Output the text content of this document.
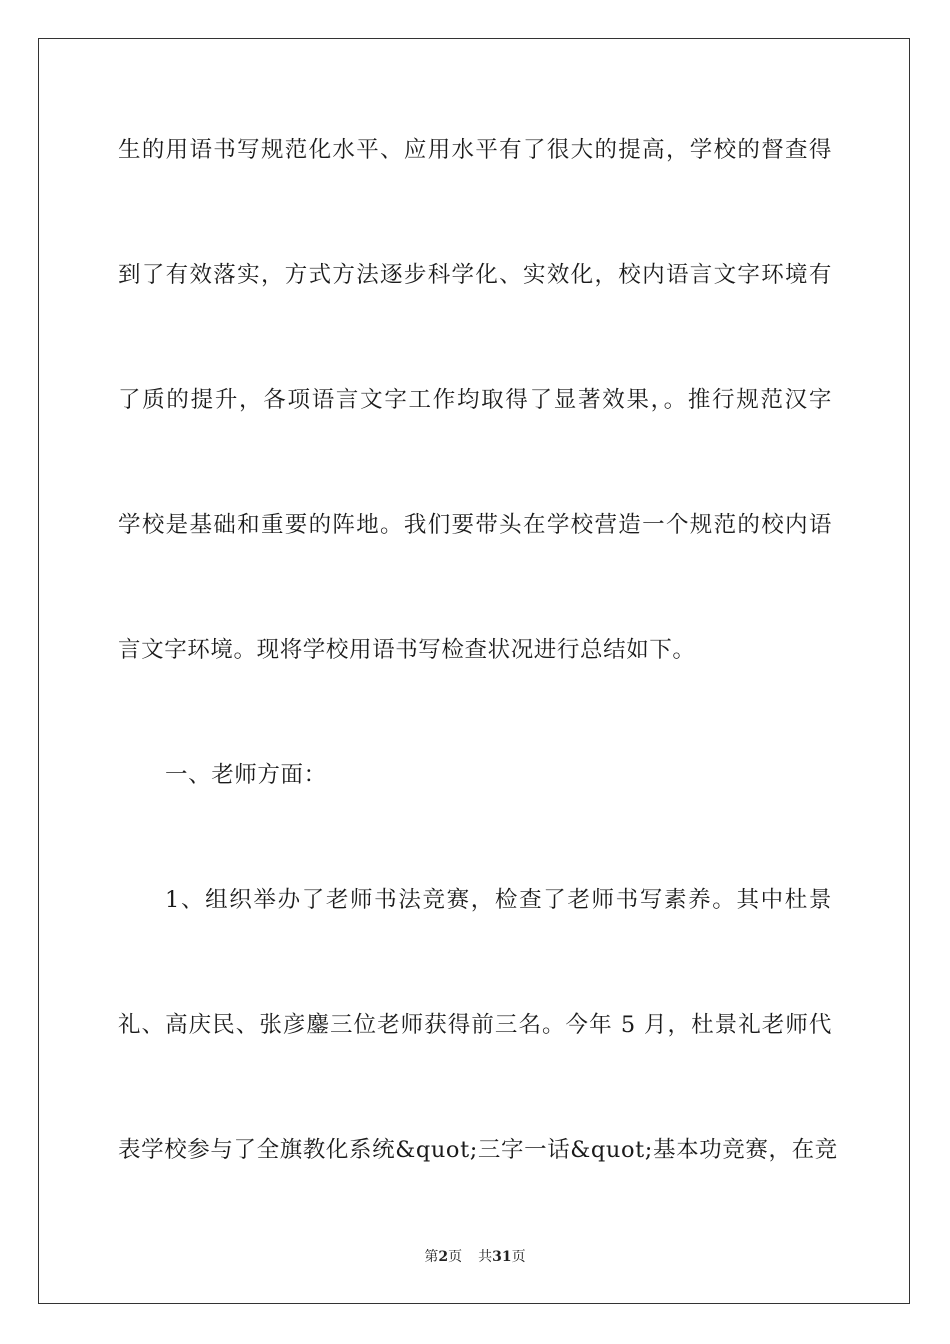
生的用语书写规范化水平、应用水平有了很大的提高，学校的督查得
到了有效落实，方式方法逐步科学化、实效化，校内语言文字环境有
了质的提升，各项语言文字工作均取得了显著效果，。推行规范汉字
学校是基础和重要的阵地。我们要带头在学校营造一个规范的校内语
言文字环境。现将学校用语书写检查状况进行总结如下。
一、老师方面：
1、组织举办了老师书法竞赛，检查了老师书写素养。其中杜景
礼、高庆民、张彦鏖三位老师获得前三名。今年 5 月，杜景礼老师代
表学校参与了全旗教化系统&quot;三字一话&quot;基本功竞赛，在竞
第2页 共31页
